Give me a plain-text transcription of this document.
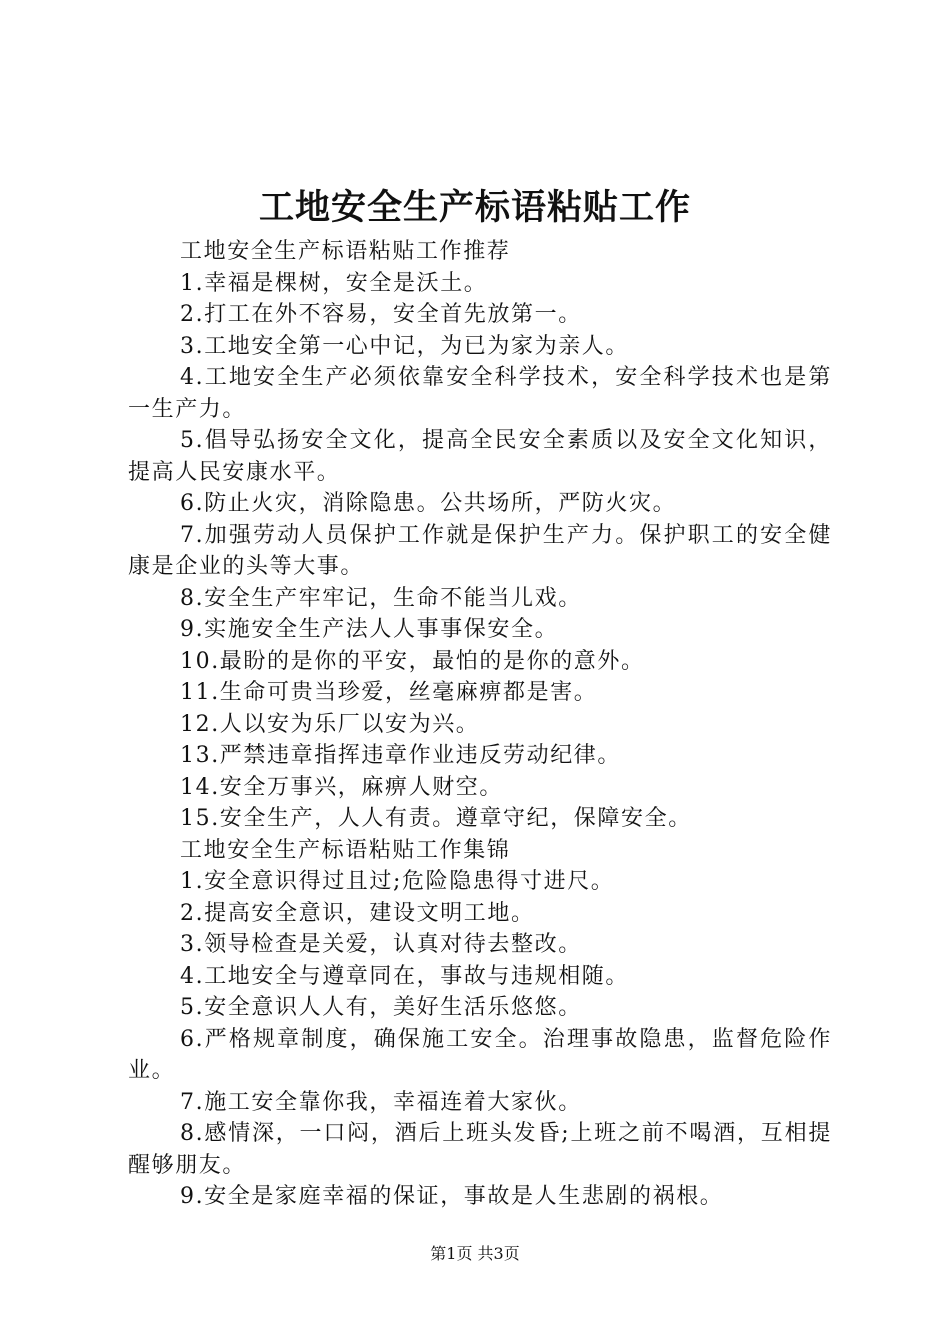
工地安全生产标语粘贴工作

工地安全生产标语粘贴工作推荐

1.幸福是棵树，安全是沃土。

2.打工在外不容易，安全首先放第一。

3.工地安全第一心中记，为已为家为亲人。

4.工地安全生产必须依靠安全科学技术，安全科学技术也是第一生产力。

5.倡导弘扬安全文化，提高全民安全素质以及安全文化知识，提高人民安康水平。

6.防止火灾，消除隐患。公共场所，严防火灾。

7.加强劳动人员保护工作就是保护生产力。保护职工的安全健康是企业的头等大事。

8.安全生产牢牢记，生命不能当儿戏。

9.实施安全生产法人人事事保安全。

10.最盼的是你的平安，最怕的是你的意外。

11.生命可贵当珍爱，丝毫麻痹都是害。

12.人以安为乐厂以安为兴。

13.严禁违章指挥违章作业违反劳动纪律。

14.安全万事兴，麻痹人财空。

15.安全生产，人人有责。遵章守纪，保障安全。

工地安全生产标语粘贴工作集锦

1.安全意识得过且过;危险隐患得寸进尺。

2.提高安全意识，建设文明工地。

3.领导检查是关爱，认真对待去整改。

4.工地安全与遵章同在，事故与违规相随。

5.安全意识人人有，美好生活乐悠悠。

6.严格规章制度，确保施工安全。治理事故隐患，监督危险作业。

7.施工安全靠你我，幸福连着大家伙。

8.感情深，一口闷，酒后上班头发昏;上班之前不喝酒，互相提醒够朋友。

9.安全是家庭幸福的保证，事故是人生悲剧的祸根。

第1页 共3页
